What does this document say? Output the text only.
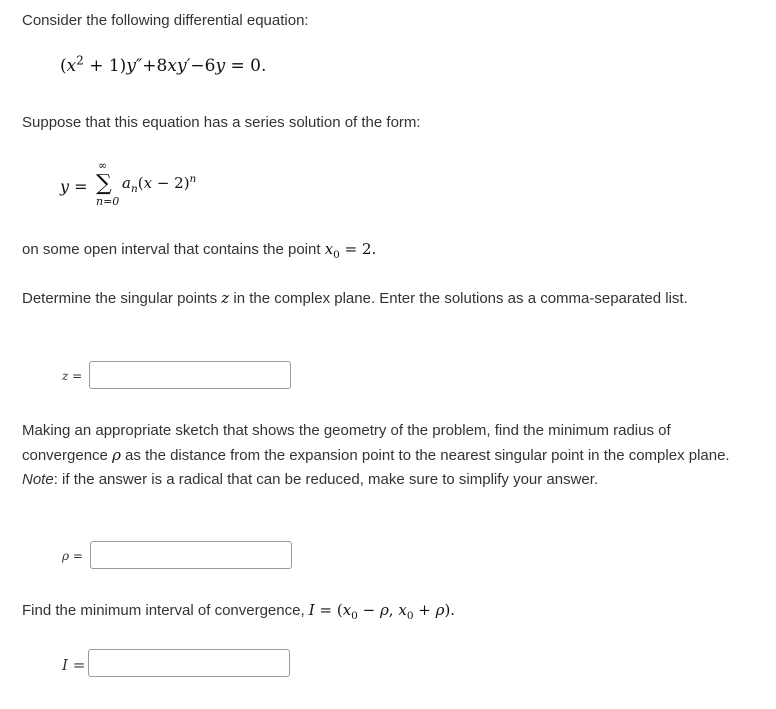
Consider the following differential equation:
$(x^2 + 1)y''+8xy'-6y = 0$.
Suppose that this equation has a series solution of the form:
y =
∞
∑
n=0
$a_n(x - 2)^n$
on some open interval that contains the point $x_0 = 2$.
Determine the singular points z in the complex plane. Enter the solutions as a comma-separated list.
z =
Making an appropriate sketch that shows the geometry of the problem, find the minimum radius of convergence ρ as the distance from the expansion point to the nearest singular point in the complex plane. Note: if the answer is a radical that can be reduced, make sure to simplify your answer.
ρ =
Find the minimum interval of convergence, $I = (x_0 - \rho$, $x_0 + \rho$).
I =
